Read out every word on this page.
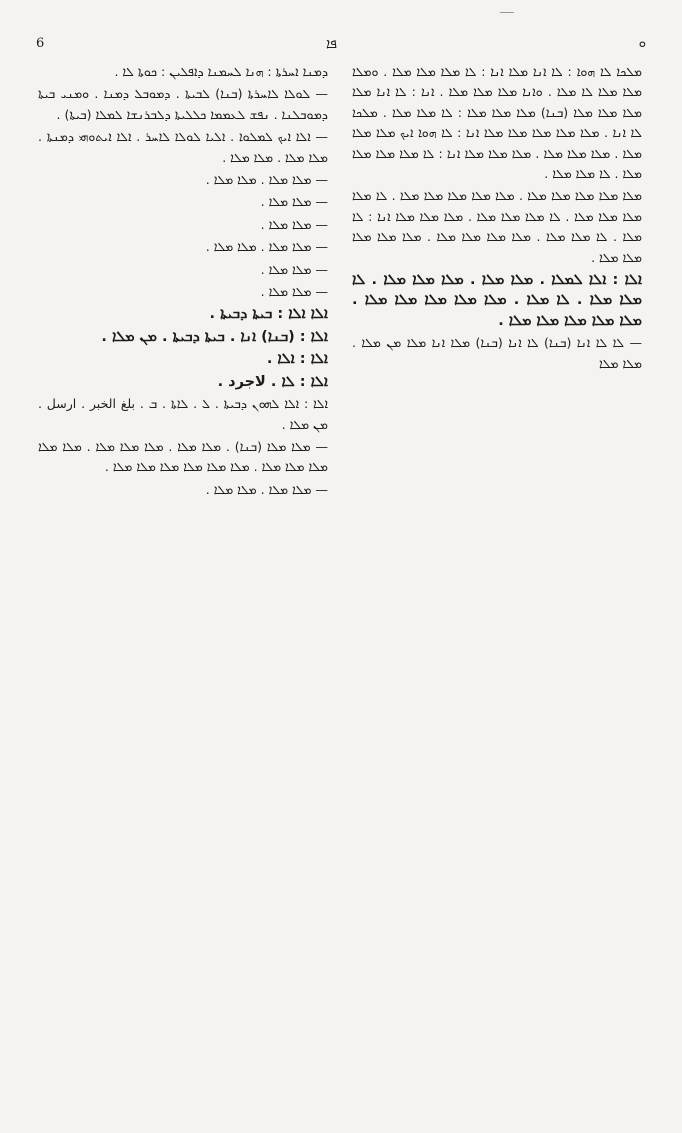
6	ܦܐ	ܘ

ܕܡܢܐ ܐܚܪܬܐ : ܗܢܐ ܠܚܡܢܐ ܕܐܦܠܝܢ : ܟܘܬܐ ܠܐ .

— ܠܘܠܐ ܠܐܚܪܬܐ (ܒܢܐ) ܠܒܝܬܐ . ܕܡܘܒܠ ܕܡܢܐ . ܘܡܢܝ ܒܝܬܐ ܕܡܘܒܠܢܐ . ܢܦܫ ܠܥܡܡܐ ܟܠܠܝܬܐ ܕܠܒܪܢܫܐ ܠܡܠܐ (ܒܝܬܐ) .

— ܐܠܐ ܐܝܟ ܠܡܠܘܐ . ܐܠܝܐ ܠܘܠܐ ܠܐܚܪ . ܐܠܐ ܐܝܬܘܗܝ ܕܡܢܬܐ . ܡܠܐ ܡܠܐ . ܡܠܐ ܡܠܐ .

— ܡܠܐ ܡܠܐ . ܡܠܐ ܡܠܐ .

— ܡܠܐ ܡܠܐ .

— ܡܠܐ ܡܠܐ .

— ܡܠܐ ܡܠܐ . ܡܠܐ ܡܠܐ .

— ܡܠܐ ܡܠܐ .

— ܡܠܐ ܡܠܐ .

ܐܠܐ ܐܠܐ : ܒܝܬܐ ܕܒܝܬܐ .

ܐܠܐ : (ܒܢܐ) ܐܢܐ . ܒܝܬܐ ܕܒܝܬܐ . ܡܢ ܡܠܐ .

ܐܠܐ : ܐܠܐ .

ܐܠܐ : ܠܐ . لاجرد .

ܐܠܐ : ܐܠܐ ܠܗܘܢ ܕܒܝܬܐ . ܠ . ܠܐܬܐ . ܒ . بلغ الخبر . ارسل . ܡܢ ܡܠܐ .

— ܡܠܐ ܡܠܐ (ܒܢܐ) . ܡܠܐ ܡܠܐ . ܡܠܐ ܡܠܐ ܡܠܐ . ܡܠܐ ܡܠܐ ܡܠܐ ܡܠܐ ܡܠܐ . ܡܠܐ ܡܠܐ ܡܠܐ ܡܠܐ ܡܠܐ ܡܠܐ .

— ܡܠܐ ܡܠܐ . ܡܠܐ ܡܠܐ .

ܡܠܟܐ ܠܐ ܗܘܐ : ܠܐ ܐܢܐ ܡܠܐ ܐܢܐ : ܠܐ ܡܠܐ ܡܠܐ ܡܠܐ . ܘܡܠܐ ܡܠܐ ܡܠܐ ܠܐ ܡܠܐ . ܘܐܢܐ ܡܠܐ ܡܠܐ ܡܠܐ . ܐܢܐ : ܠܐ ܐܢܐ ܡܠܐ ܡܠܐ ܡܠܐ ܡܠܐ (ܒܢܐ) ܡܠܐ ܡܠܐ ܡܠܐ : ܠܐ ܡܠܐ ܡܠܐ . ܡܠܟܐ ܠܐ ܐܢܐ . ܡܠܐ ܡܠܐ ܡܠܐ ܡܠܐ ܡܠܐ ܐܢܐ : ܠܐ ܗܘܐ ܐܝܟ ܡܠܐ ܡܠܐ ܡܠܐ . ܡܠܐ ܡܠܐ ܡܠܐ . ܡܠܐ ܡܠܐ ܡܠܐ ܐܢܐ : ܠܐ ܡܠܐ ܡܠܐ ܡܠܐ ܡܠܐ . ܠܐ ܡܠܐ ܡܠܐ .

ܡܠܐ ܡܠܐ ܡܠܐ ܡܠܐ ܡܠܐ . ܡܠܐ ܡܠܐ ܡܠܐ ܡܠܐ ܡܠܐ . ܠܐ ܡܠܐ ܡܠܐ ܡܠܐ ܡܠܐ . ܠܐ ܡܠܐ ܡܠܐ ܡܠܐ . ܡܠܐ ܡܠܐ ܡܠܐ ܐܢܐ : ܠܐ ܡܠܐ . ܠܐ ܡܠܐ ܡܠܐ . ܡܠܐ ܡܠܐ ܡܠܐ ܡܠܐ . ܡܠܐ ܡܠܐ ܡܠܐ ܡܠܐ ܡܠܐ .

ܐܠܐ : ܐܠܐ ܠܡܠܐ . ܡܠܐ ܡܠܐ . ܡܠܐ ܡܠܐ ܡܠܐ . ܠܐ ܡܠܐ ܡܠܐ . ܠܐ ܡܠܐ . ܡܠܐ ܡܠܐ ܡܠܐ ܡܠܐ ܡܠܐ . ܡܠܐ ܡܠܐ ܡܠܐ ܡܠܐ ܡܠܐ .

— ܠܐ ܠܐ ܐܢܐ (ܒܢܐ) ܠܐ ܐܢܐ (ܒܢܐ) ܡܠܐ ܐܢܐ ܡܠܐ ܡܢ ܡܠܐ . ܡܠܐ ܡܠܐ
